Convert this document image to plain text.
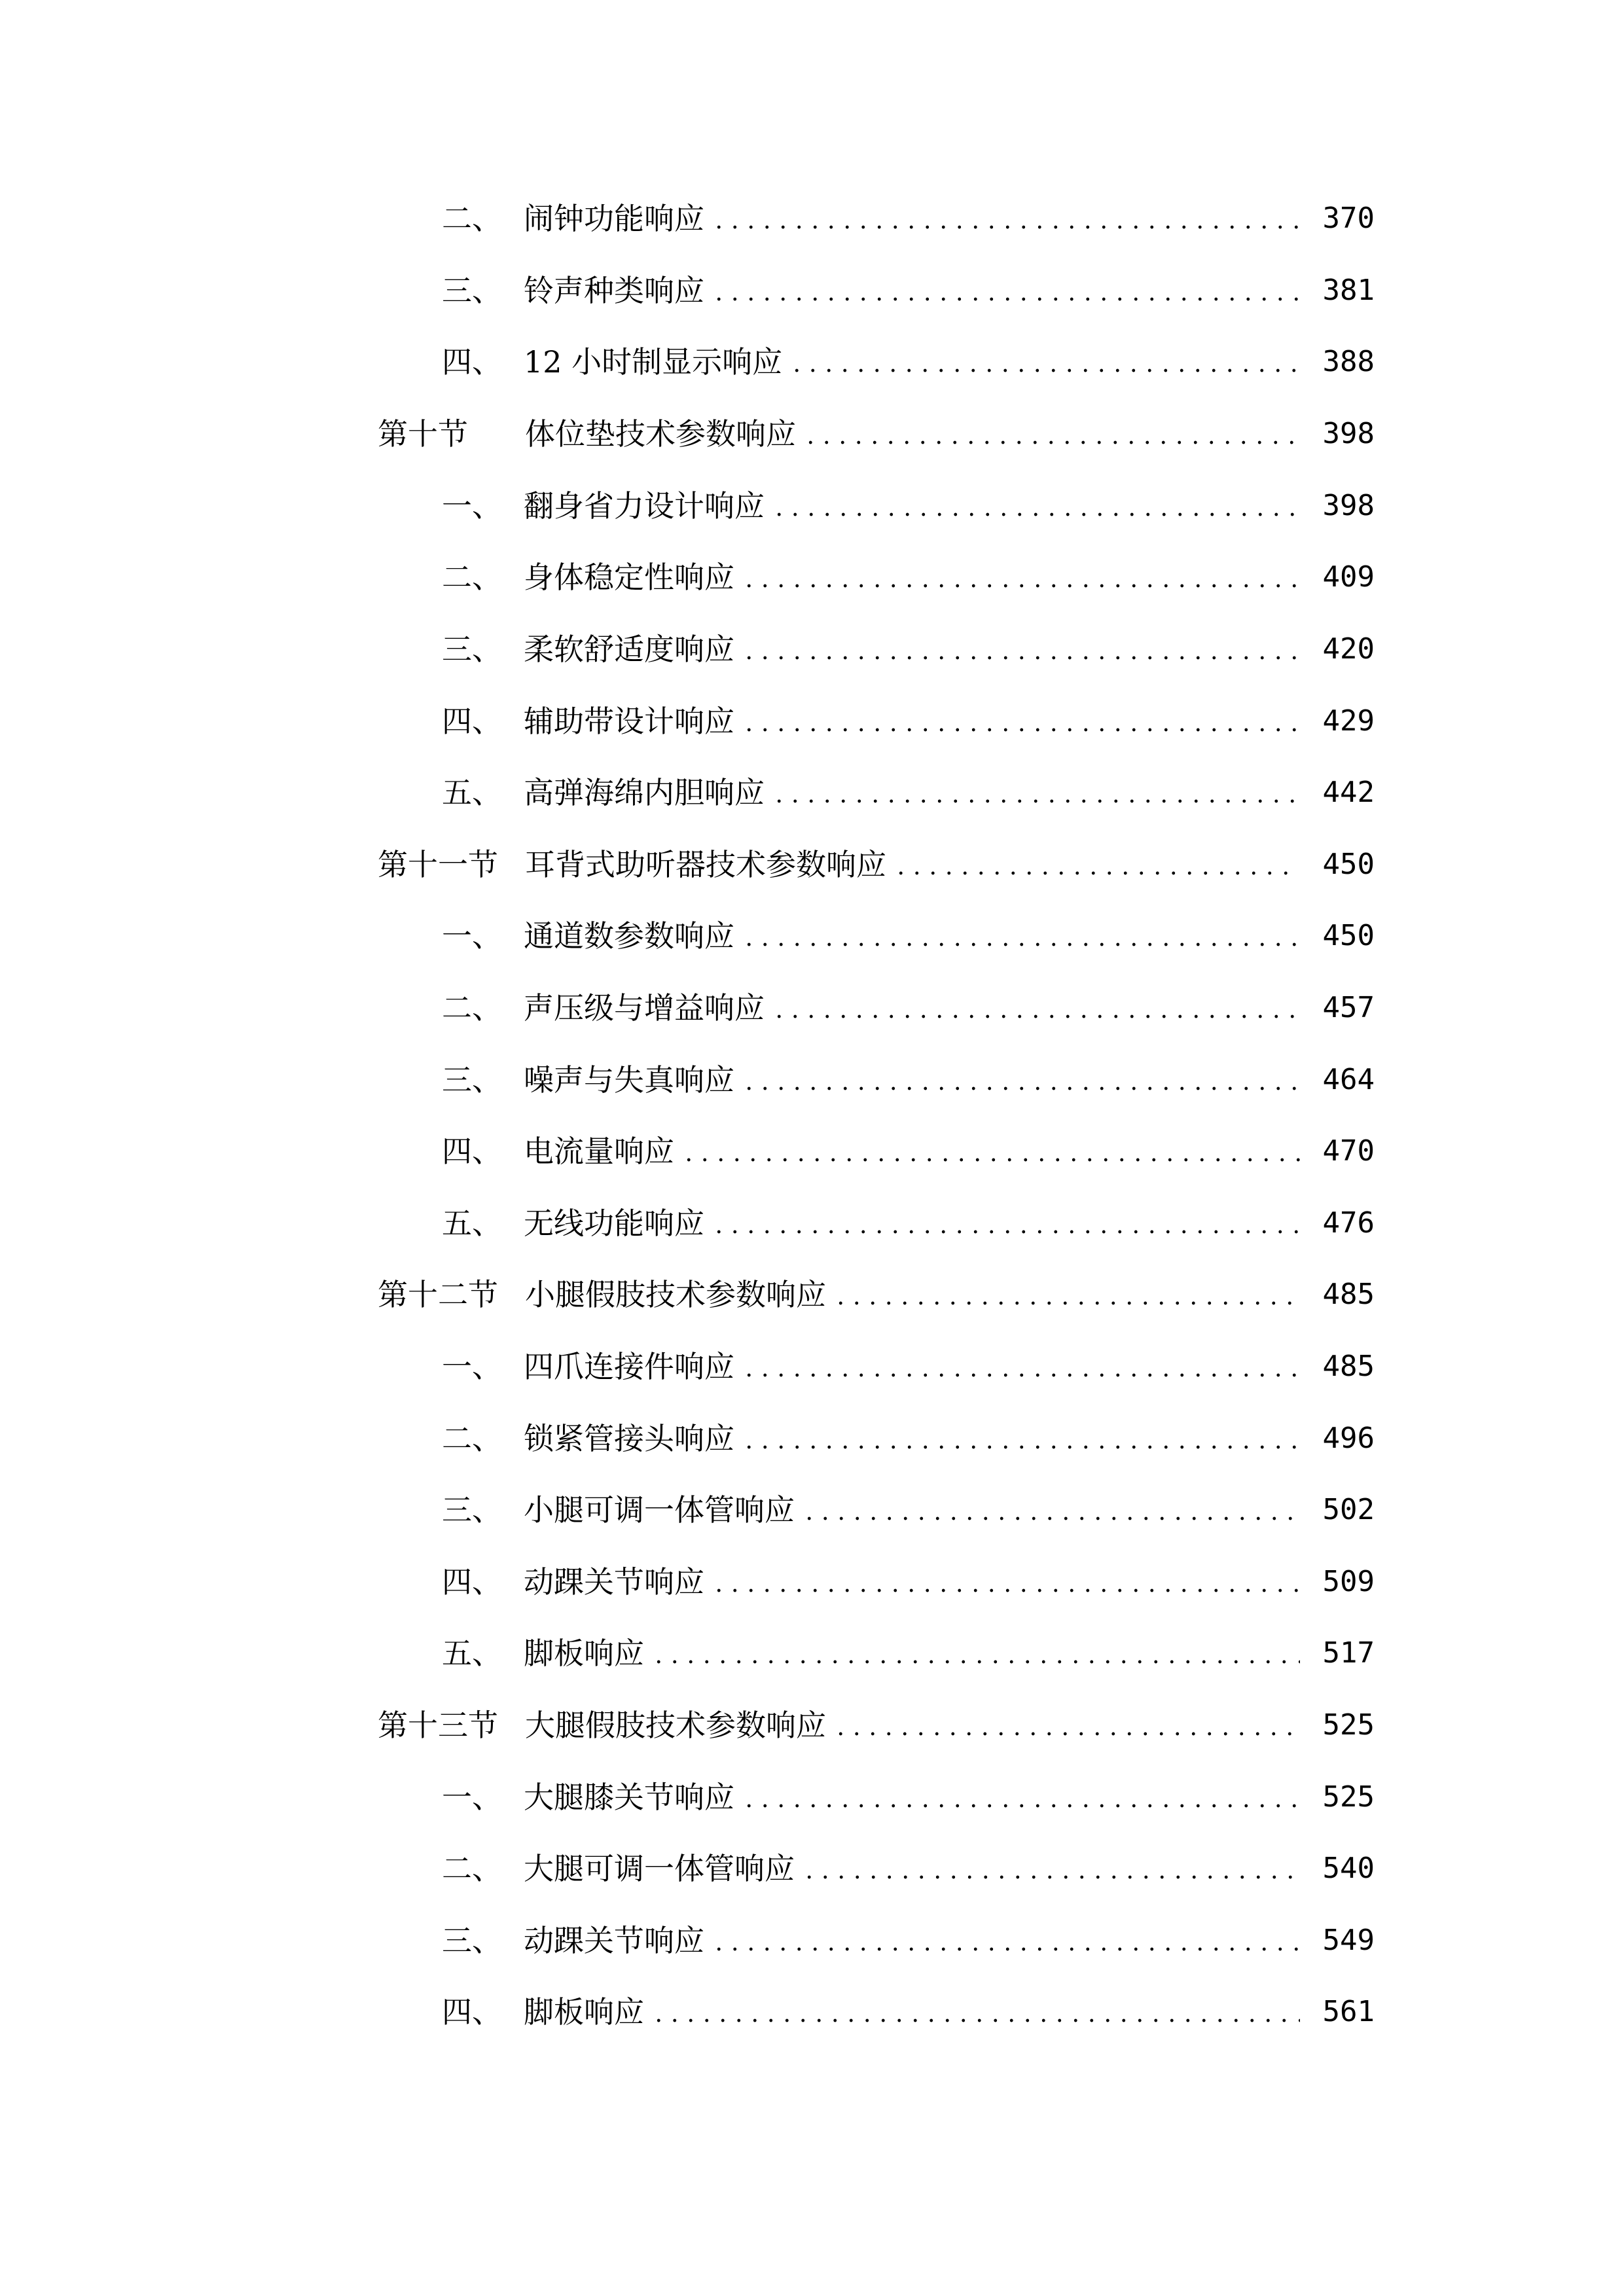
二、 闹钟功能响应	370
三、 铃声种类响应	381
四、 12 小时制显示响应	388
第十节	体位垫技术参数响应	398
一、 翻身省力设计响应	398
二、 身体稳定性响应	409
三、 柔软舒适度响应	420
四、 辅助带设计响应	429
五、 高弹海绵内胆响应	442
第十一节 耳背式助听器技术参数响应	450
一、 通道数参数响应	450
二、 声压级与增益响应	457
三、 噪声与失真响应	464
四、 电流量响应	470
五、 无线功能响应	476
第十二节 小腿假肢技术参数响应	485
一、 四爪连接件响应	485
二、 锁紧管接头响应	496
三、 小腿可调一体管响应	502
四、 动踝关节响应	509
五、 脚板响应	517
第十三节 大腿假肢技术参数响应	525
一、 大腿膝关节响应	525
二、 大腿可调一体管响应	540
三、 动踝关节响应	549
四、 脚板响应	561
